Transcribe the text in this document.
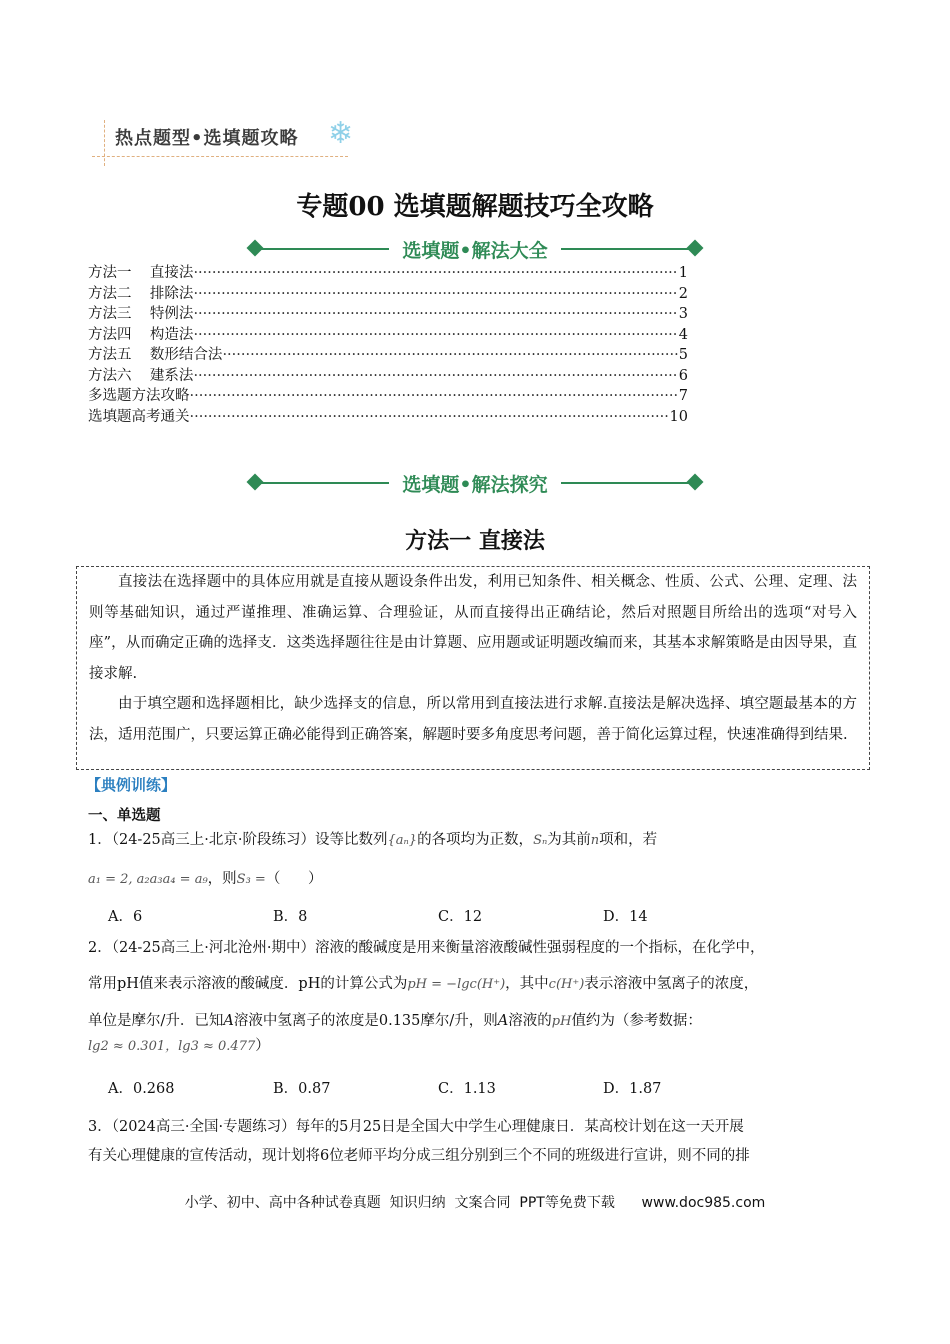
热点题型•选填题攻略 ❄
专题00 选填题解题技巧全攻略
选填题•解法大全
方法一    直接法 ·····	1
方法二    排除法 ·····	2
方法三    特例法 ·····	3
方法四    构造法 ·····	4
方法五    数形结合法 ·····	5
方法六    建系法 ·····	6
多选题方法攻略 ·····	7
选填题高考通关 ·····	10
选填题•解法探究
方法一 直接法

直接法在选择题中的具体应用就是直接从题设条件出发，利用已知条件、相关概念、性质、公式、公理、定理、法则等基础知识，通过严谨推理、准确运算、合理验证，从而直接得出正确结论，然后对照题目所给出的选项“对号入座”，从而确定正确的选择支．这类选择题往往是由计算题、应用题或证明题改编而来，其基本求解策略是由因导果，直接求解.

由于填空题和选择题相比，缺少选择支的信息，所以常用到直接法进行求解.直接法是解决选择、填空题最基本的方法，适用范围广，只要运算正确必能得到正确答案，解题时要多角度思考问题，善于简化运算过程，快速准确得到结果.

【典例训练】
一、单选题
1．（24-25高三上·北京·阶段练习）设等比数列{aₙ}的各项均为正数，Sₙ为其前n项和，若
a₁ = 2, a₂a₃a₄ = a₉，则S₃ =（      ）
A．6	B．8	C．12	D．14
2．（24-25高三上·河北沧州·期中）溶液的酸碱度是用来衡量溶液酸碱性强弱程度的一个指标，在化学中，
常用pH值来表示溶液的酸碱度．pH的计算公式为pH = −lgc(H⁺)，其中c(H⁺)表示溶液中氢离子的浓度，
单位是摩尔/升．已知A溶液中氢离子的浓度是0.135摩尔/升，则A溶液的pH值约为（参考数据：
lg2 ≈ 0.301，lg3 ≈ 0.477）
A．0.268	B．0.87	C．1.13	D．1.87
3．（2024高三·全国·专题练习）每年的5月25日是全国大中学生心理健康日．某高校计划在这一天开展
有关心理健康的宣传活动，现计划将6位老师平均分成三组分别到三个不同的班级进行宣讲，则不同的排
小学、初中、高中各种试卷真题  知识归纳  文案合同  PPT等免费下载      www.doc985.com
